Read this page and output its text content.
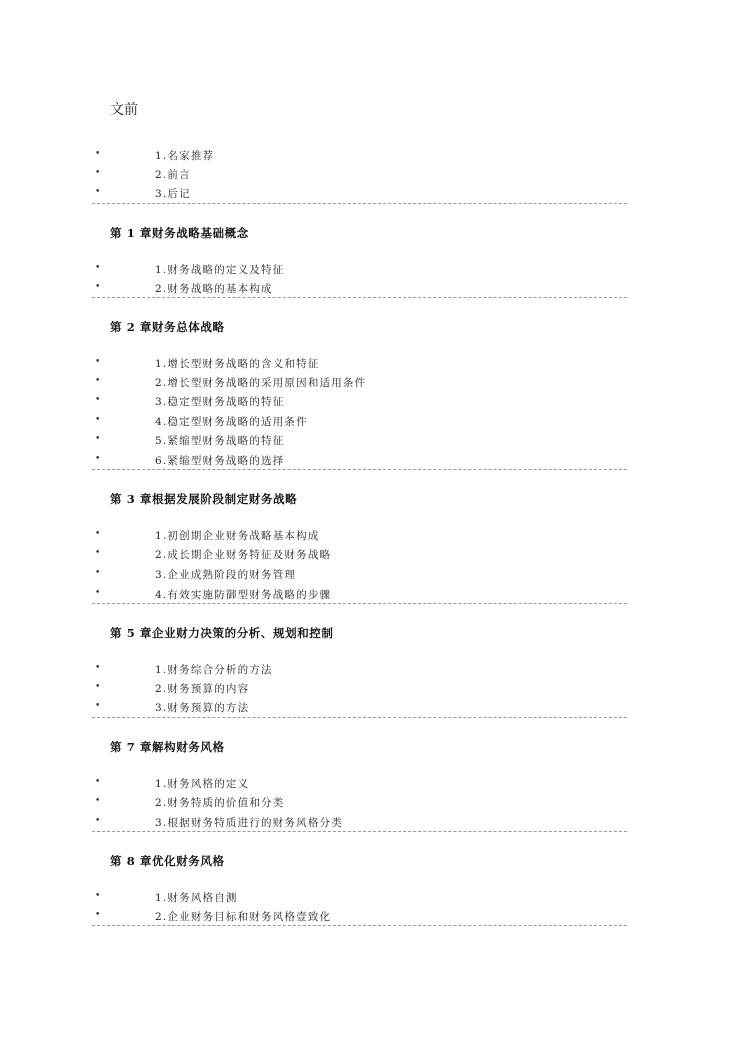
文前
•	1.名家推荐
•	2.前言
•	3.后记
第 1 章财务战略基础概念
•	1.财务战略的定义及特征
•	2.财务战略的基本构成
第 2 章财务总体战略
•	1.增长型财务战略的含义和特征
•	2.增长型财务战略的采用原因和适用条件
•	3.稳定型财务战略的特征
•	4.稳定型财务战略的适用条件
•	5.紧缩型财务战略的特征
•	6.紧缩型财务战略的选择
第 3 章根据发展阶段制定财务战略
•	1.初创期企业财务战略基本构成
•	2.成长期企业财务特征及财务战略
•	3.企业成熟阶段的财务管理
•	4.有效实施防御型财务战略的步骤
第 5 章企业财力决策的分析、规划和控制
•	1.财务综合分析的方法
•	2.财务预算的内容
•	3.财务预算的方法
第 7 章解构财务风格
•	1.财务风格的定义
•	2.财务特质的价值和分类
•	3.根据财务特质进行的财务风格分类
第 8 章优化财务风格
•	1.财务风格自测
•	2.企业财务目标和财务风格壹致化
